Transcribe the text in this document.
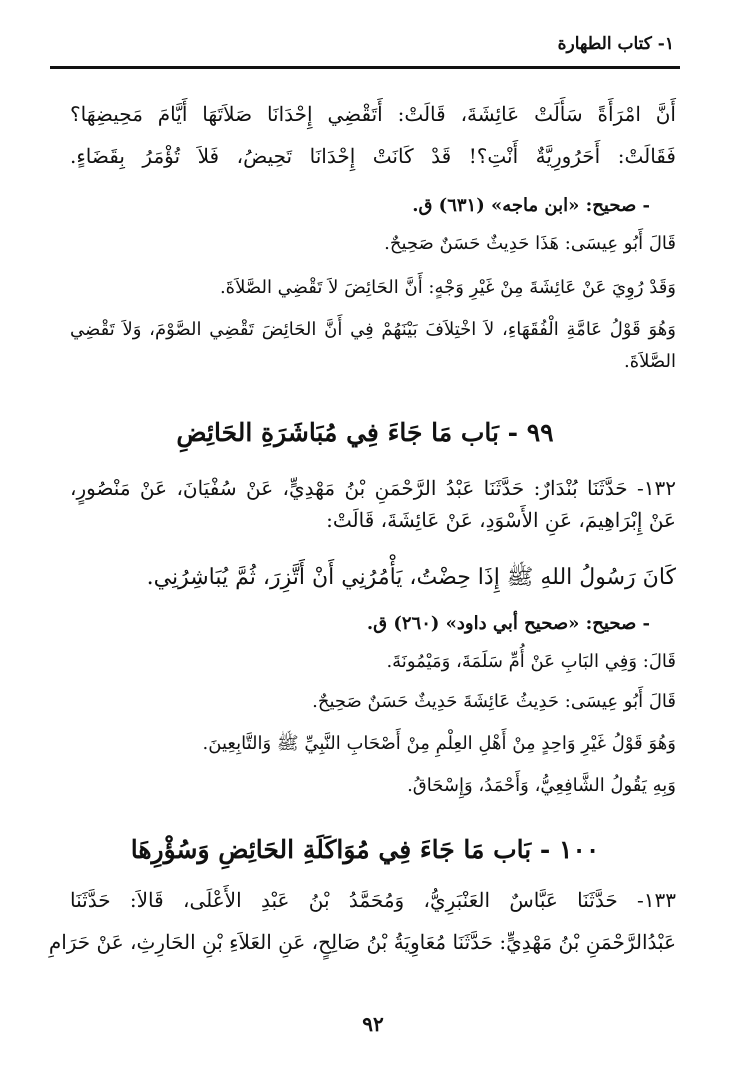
١- كتاب الطهارة
أَنَّ امْرَأَةً سَأَلَتْ عَائِشَةَ، قَالَتْ: أَتَقْضِي إِحْدَانَا صَلاَتَهَا أَيَّامَ مَحِيضِهَا؟
فَقَالَتْ: أَحَرُورِيَّةٌ أَنْتِ؟! قَدْ كَانَتْ إِحْدَانَا تَحِيضُ، فَلاَ تُؤْمَرُ بِقَضَاءٍ.
- صحيح: «ابن ماجه» (٦٣١) ق.
قَالَ أَبُو عِيسَى: هَذَا حَدِيثٌ حَسَنٌ صَحِيحٌ.
وَقَدْ رُوِيَ عَنْ عَائِشَةَ مِنْ غَيْرِ وَجْهٍ: أَنَّ الحَائِضَ لاَ تَقْضِي الصَّلاَةَ.
وَهُوَ قَوْلُ عَامَّةِ الْفُقَهَاءِ، لاَ اخْتِلاَفَ بَيْنَهُمْ فِي أَنَّ الحَائِضَ تَقْضِي الصَّوْمَ، وَلاَ تَقْضِي
الصَّلاَةَ.
٩٩ - بَاب مَا جَاءَ فِي مُبَاشَرَةِ الحَائِضِ
١٣٢- حَدَّثَنَا بُنْدَارٌ: حَدَّثَنَا عَبْدُ الرَّحْمَنِ بْنُ مَهْدِيٍّ، عَنْ سُفْيَانَ، عَنْ مَنْصُورٍ،
عَنْ إِبْرَاهِيمَ، عَنِ الأَسْوَدِ، عَنْ عَائِشَةَ، قَالَتْ:
كَانَ رَسُولُ اللهِ ﷺ إِذَا حِضْتُ، يَأْمُرُنِي أَنْ أَتَّزِرَ، ثُمَّ يُبَاشِرُنِي.
- صحيح: «صحيح أبي داود» (٢٦٠) ق.
قَالَ: وَفِي البَابِ عَنْ أُمِّ سَلَمَةَ، وَمَيْمُونَةَ.
قَالَ أَبُو عِيسَى: حَدِيثُ عَائِشَةَ حَدِيثٌ حَسَنٌ صَحِيحٌ.
وَهُوَ قَوْلُ غَيْرِ وَاحِدٍ مِنْ أَهْلِ العِلْمِ مِنْ أَصْحَابِ النَّبِيِّ ﷺ وَالتَّابِعِينَ.
وَبِهِ يَقُولُ الشَّافِعِيُّ، وَأَحْمَدُ، وَإِسْحَاقُ.
١٠٠ - بَاب مَا جَاءَ فِي مُوَاكَلَةِ الحَائِضِ وَسُؤْرِهَا
١٣٣- حَدَّثَنَا عَبَّاسٌ العَنْبَرِيُّ، وَمُحَمَّدُ بْنُ عَبْدِ الأَعْلَى، قَالاَ: حَدَّثَنَا
عَبْدُالرَّحْمَنِ بْنُ مَهْدِيٍّ: حَدَّثَنَا مُعَاوِيَةُ بْنُ صَالِحٍ، عَنِ العَلاَءِ بْنِ الحَارِثِ، عَنْ حَرَامِ
٩٢
